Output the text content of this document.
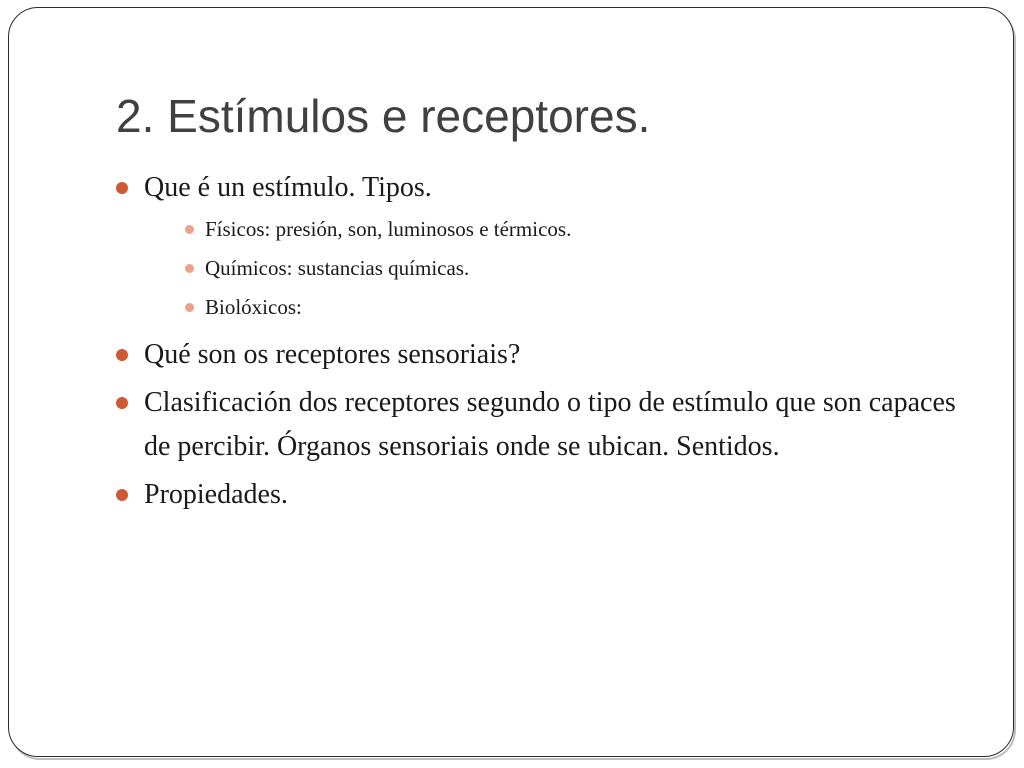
2. Estímulos e receptores.
Que é un estímulo. Tipos.
Físicos: presión, son, luminosos e térmicos.
Químicos: sustancias químicas.
Biolóxicos:
Qué son os receptores sensoriais?
Clasificación dos receptores segundo o tipo de estímulo que son capaces de percibir. Órganos sensoriais onde se ubican. Sentidos.
Propiedades.
